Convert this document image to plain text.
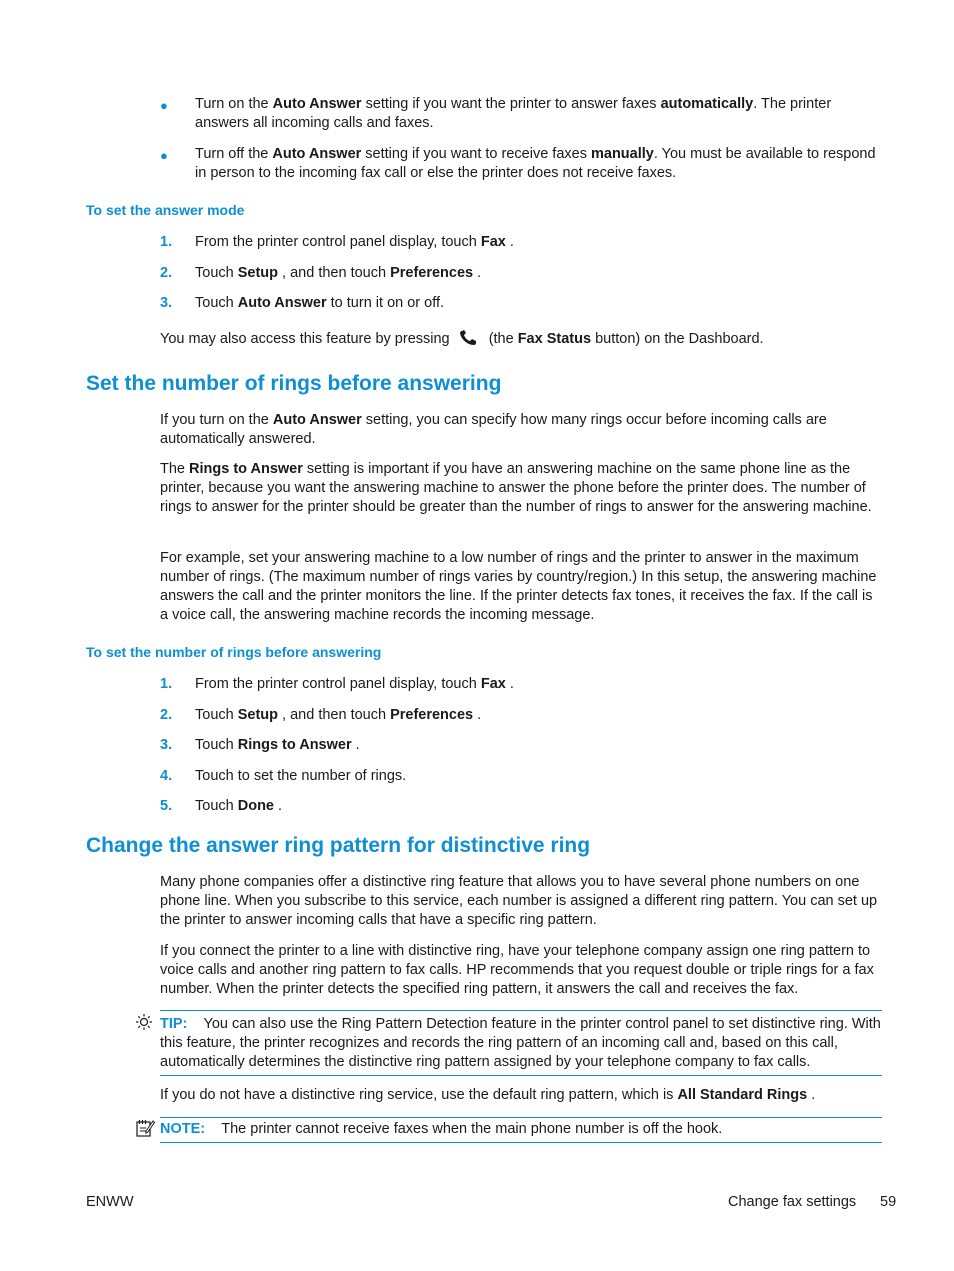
● Turn on the Auto Answer setting if you want the printer to answer faxes automatically. The printer answers all incoming calls and faxes.
● Turn off the Auto Answer setting if you want to receive faxes manually. You must be available to respond in person to the incoming fax call or else the printer does not receive faxes.
To set the answer mode
1. From the printer control panel display, touch Fax .
2. Touch Setup , and then touch Preferences .
3. Touch Auto Answer to turn it on or off.
You may also access this feature by pressing	(the Fax Status button) on the Dashboard.
Set the number of rings before answering
If you turn on the Auto Answer setting, you can specify how many rings occur before incoming calls are automatically answered.
The Rings to Answer setting is important if you have an answering machine on the same phone line as the printer, because you want the answering machine to answer the phone before the printer does. The number of rings to answer for the printer should be greater than the number of rings to answer for the answering machine.
For example, set your answering machine to a low number of rings and the printer to answer in the maximum number of rings. (The maximum number of rings varies by country/region.) In this setup, the answering machine answers the call and the printer monitors the line. If the printer detects fax tones, it receives the fax. If the call is a voice call, the answering machine records the incoming message.
To set the number of rings before answering
1. From the printer control panel display, touch Fax .
2. Touch Setup , and then touch Preferences .
3. Touch Rings to Answer .
4. Touch to set the number of rings.
5. Touch Done .
Change the answer ring pattern for distinctive ring
Many phone companies offer a distinctive ring feature that allows you to have several phone numbers on one phone line. When you subscribe to this service, each number is assigned a different ring pattern. You can set up the printer to answer incoming calls that have a specific ring pattern.
If you connect the printer to a line with distinctive ring, have your telephone company assign one ring pattern to voice calls and another ring pattern to fax calls. HP recommends that you request double or triple rings for a fax number. When the printer detects the specified ring pattern, it answers the call and receives the fax.
TIP: You can also use the Ring Pattern Detection feature in the printer control panel to set distinctive ring. With this feature, the printer recognizes and records the ring pattern of an incoming call and, based on this call, automatically determines the distinctive ring pattern assigned by your telephone company to fax calls.
If you do not have a distinctive ring service, use the default ring pattern, which is All Standard Rings .
NOTE: The printer cannot receive faxes when the main phone number is off the hook.
ENWW	Change fax settings 59
